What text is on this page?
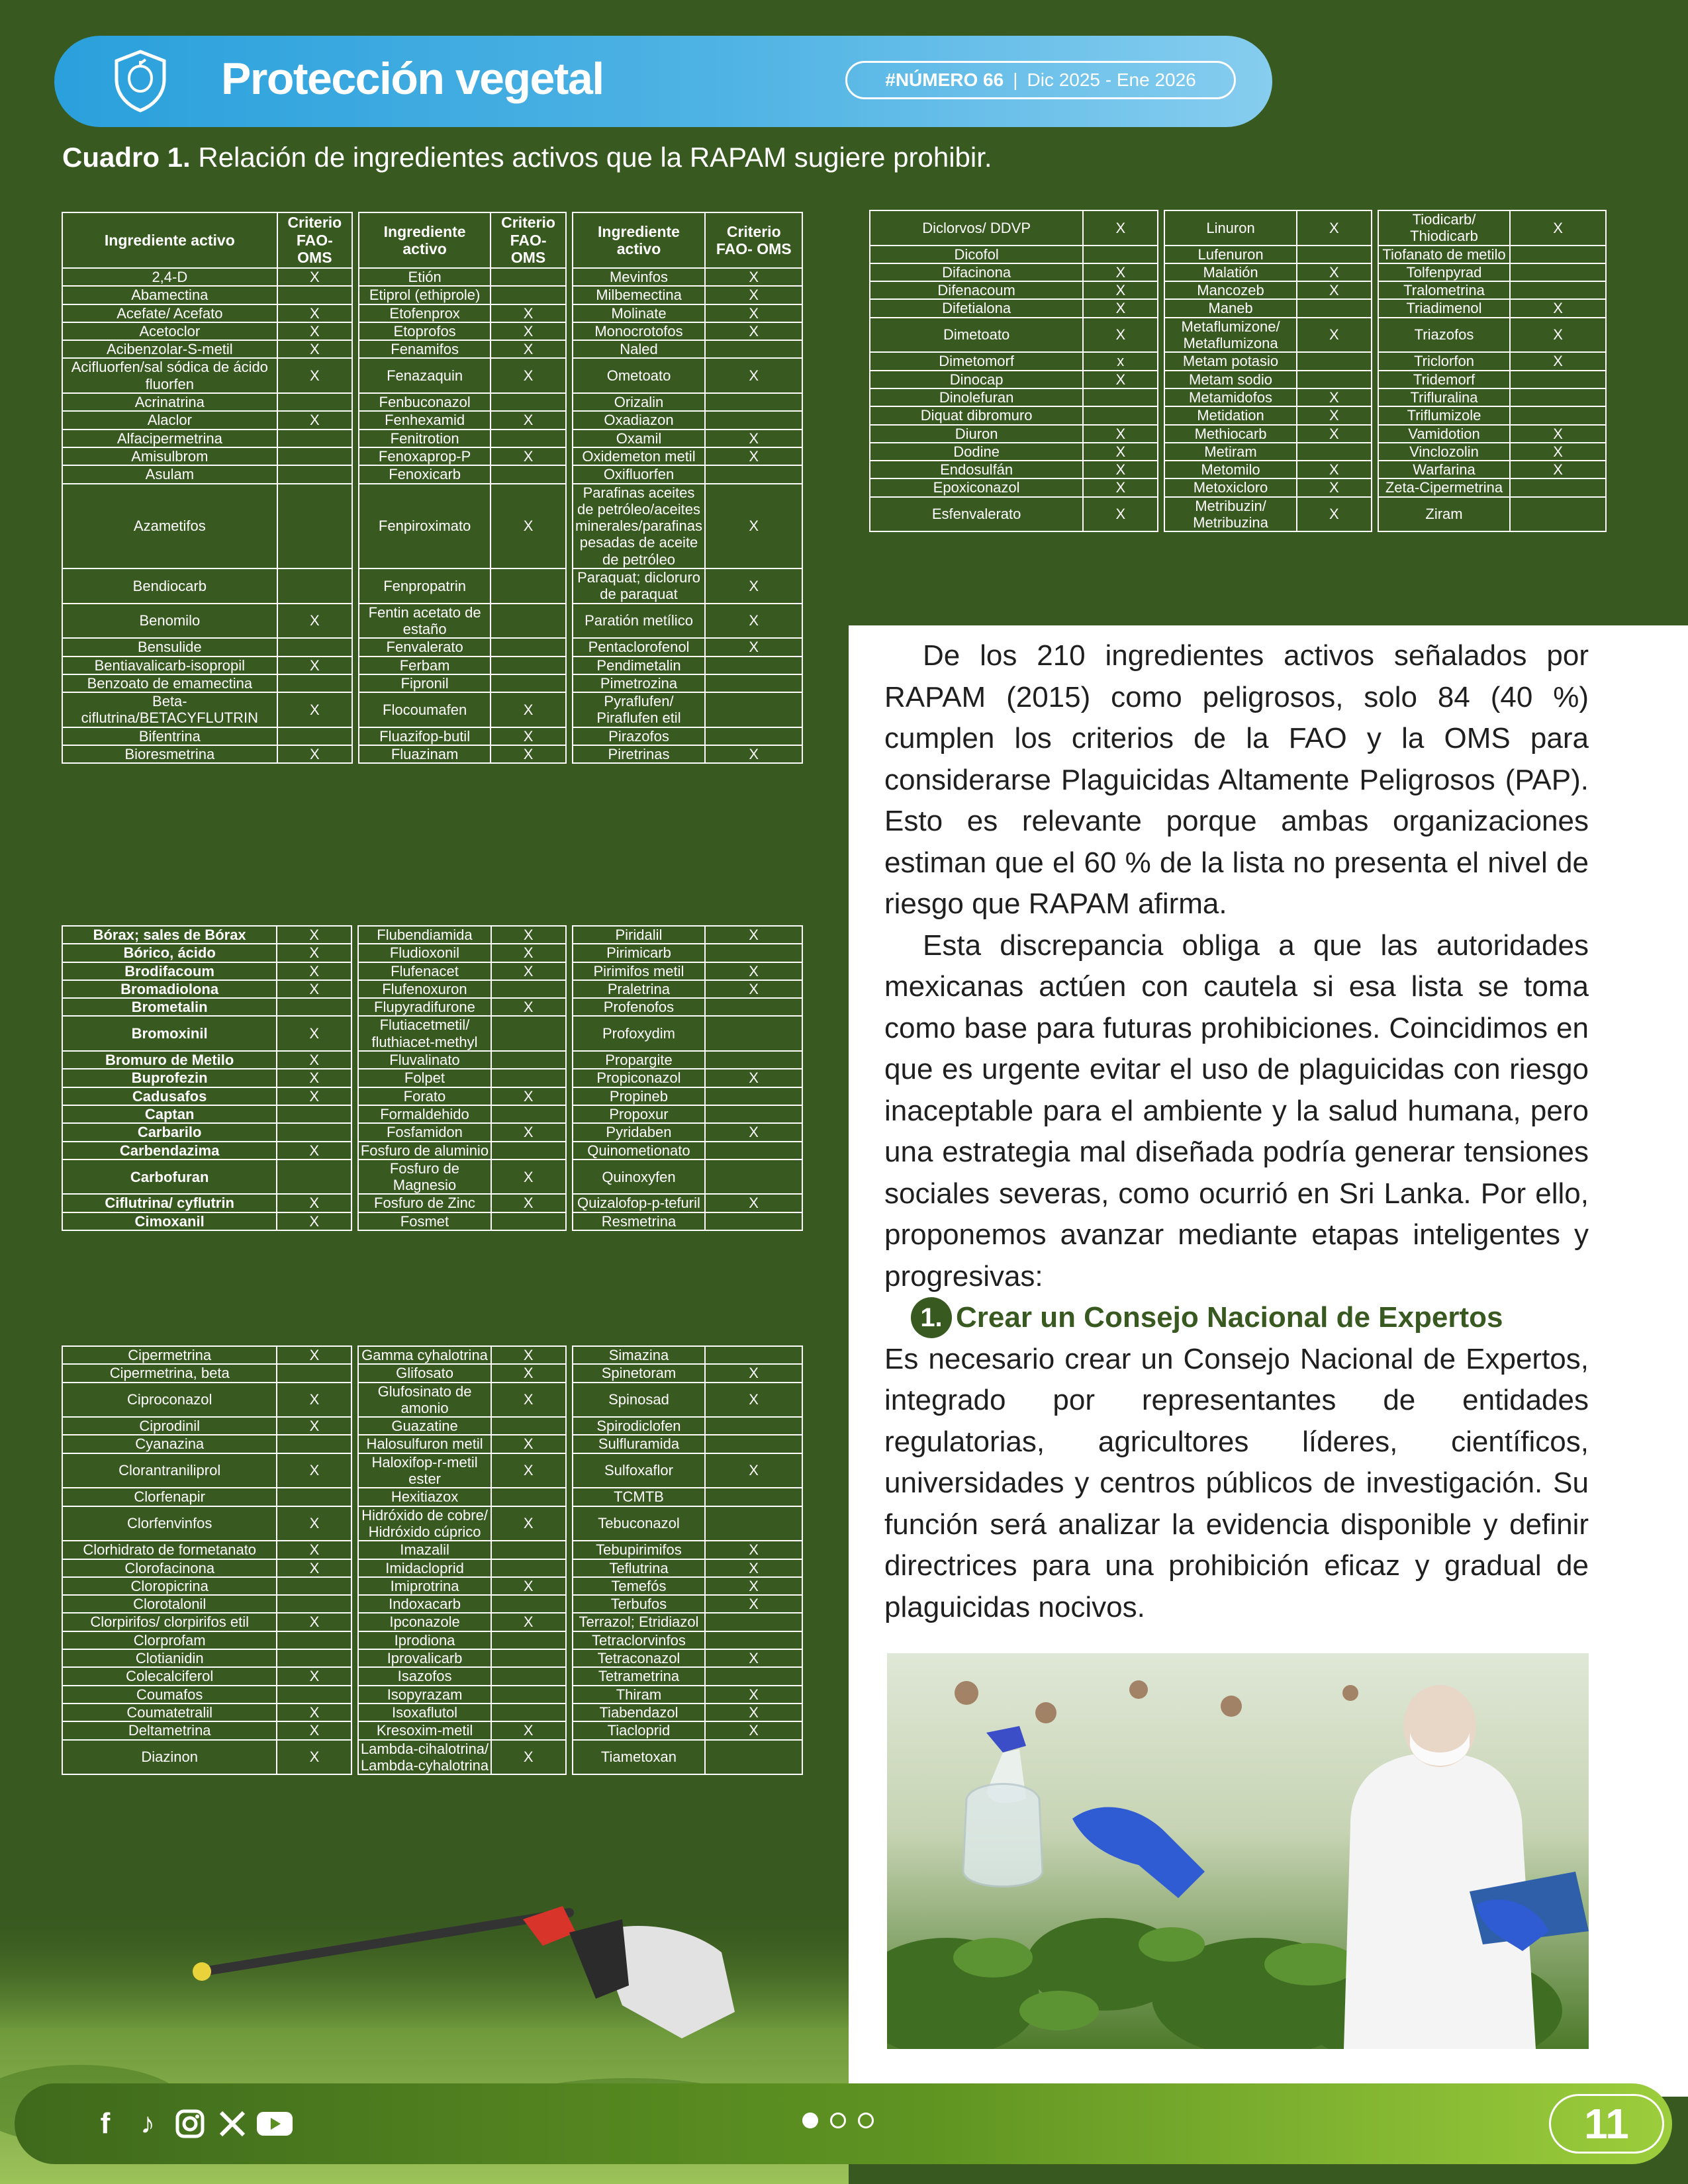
Protección vegetal	#NÚMERO 66 | Dic 2025 - Ene 2026
Cuadro 1. Relación de ingredientes activos que la RAPAM sugiere prohibir.
Ingrediente activo	Criterio FAO- OMS		Ingrediente activo	Criterio FAO- OMS		Ingrediente activo	Criterio FAO- OMS
2,4-D	X		Etión			Mevinfos	X
Abamectina			Etiprol (ethiprole)			Milbemectina	X
Acefate/ Acefato	X		Etofenprox	X		Molinate	X
Acetoclor	X		Etoprofos	X		Monocrotofos	X
Acibenzolar-S-metil	X		Fenamifos	X		Naled	
Acifluorfen/sal sódica de ácido fluorfen	X		Fenazaquin	X		Ometoato	X
Acrinatrina			Fenbuconazol			Orizalin	
Alaclor	X		Fenhexamid	X		Oxadiazon	
Alfacipermetrina			Fenitrotion			Oxamil	X
Amisulbrom			Fenoxaprop-P	X		Oxidemeton metil	X
Asulam			Fenoxicarb			Oxifluorfen	
Azametifos			Fenpiroximato	X		Parafinas aceites de petróleo/aceites minerales/parafinas pesadas de aceite de petróleo	X
Bendiocarb			Fenpropatrin			Paraquat; dicloruro de paraquat	X
Benomilo	X		Fentin acetato de estaño			Paratión metílico	X
Bensulide			Fenvalerato			Pentaclorofenol	X
Bentiavalicarb-isopropil	X		Ferbam			Pendimetalin	
Benzoato de emamectina			Fipronil			Pimetrozina	
Beta-ciflutrina/BETACYFLUTRIN	X		Flocoumafen	X		Pyraflufen/ Piraflufen etil	
Bifentrina			Fluazifop-butil	X		Pirazofos	
Bioresmetrina	X		Fluazinam	X		Piretrinas	X
Bórax; sales de Bórax	X		Flubendiamida	X		Piridalil	X
Bórico, ácido	X		Fludioxonil	X		Pirimicarb	
Brodifacoum	X		Flufenacet	X		Pirimifos metil	X
Bromadiolona	X		Flufenoxuron			Praletrina	X
Brometalin			Flupyradifurone	X		Profenofos	
Bromoxinil	X		Flutiacetmetil/ fluthiacet-methyl			Profoxydim	
Bromuro de Metilo	X		Fluvalinato			Propargite	
Buprofezin	X		Folpet			Propiconazol	X
Cadusafos	X		Forato	X		Propineb	
Captan			Formaldehido			Propoxur	
Carbarilo			Fosfamidon	X		Pyridaben	X
Carbendazima	X		Fosfuro de aluminio			Quinometionato	
Carbofuran			Fosfuro de Magnesio	X		Quinoxyfen	
Ciflutrina/ cyflutrin	X		Fosfuro de Zinc	X		Quizalofop-p-tefuril	X
Cimoxanil	X		Fosmet			Resmetrina	
Cipermetrina	X		Gamma cyhalotrina	X		Simazina	
Cipermetrina, beta			Glifosato	X		Spinetoram	X
Ciproconazol	X		Glufosinato de amonio	X		Spinosad	X
Ciprodinil	X		Guazatine			Spirodiclofen	
Cyanazina			Halosulfuron metil	X		Sulfluramida	
Clorantraniliprol	X		Haloxifop-r-metil ester	X		Sulfoxaflor	X
Clorfenapir			Hexitiazox			TCMTB	
Clorfenvinfos	X		Hidróxido de cobre/ Hidróxido cúprico	X		Tebuconazol	
Clorhidrato de formetanato	X		Imazalil			Tebupirimifos	X
Clorofacinona	X		Imidacloprid			Teflutrina	X
Cloropicrina			Imiprotrina	X		Temefós	X
Clorotalonil			Indoxacarb			Terbufos	X
Clorpirifos/ clorpirifos etil	X		Ipconazole	X		Terrazol; Etridiazol	
Clorprofam			Iprodiona			Tetraclorvinfos	
Clotianidin			Iprovalicarb			Tetraconazol	X
Colecalciferol	X		Isazofos			Tetrametrina	
Coumafos			Isopyrazam			Thiram	X
Coumatetralil	X		Isoxaflutol			Tiabendazol	X
Deltametrina	X		Kresoxim-metil	X		Tiacloprid	X
Diazinon	X		Lambda-cihalotrina/ Lambda-cyhalotrina	X		Tiametoxan	
Diclorvos/ DDVP	X		Linuron	X		Tiodicarb/ Thiodicarb	X
Dicofol			Lufenuron			Tiofanato de metilo	
Difacinona	X		Malatión	X		Tolfenpyrad	
Difenacoum	X		Mancozeb	X		Tralometrina	
Difetialona	X		Maneb			Triadimenol	X
Dimetoato	X		Metaflumizone/ Metaflumizona	X		Triazofos	X
Dimetomorf	x		Metam potasio			Triclorfon	X
Dinocap	X		Metam sodio			Tridemorf	
Dinolefuran			Metamidofos	X		Trifluralina	
Diquat dibromuro			Metidation	X		Triflumizole	
Diuron	X		Methiocarb	X		Vamidotion	X
Dodine	X		Metiram			Vinclozolin	X
Endosulfán	X		Metomilo	X		Warfarina	X
Epoxiconazol	X		Metoxicloro	X		Zeta-Cipermetrina	
Esfenvalerato	X		Metribuzin/ Metribuzina	X		Ziram	

De los 210 ingredientes activos señalados por RAPAM (2015) como peligrosos, solo 84 (40 %) cumplen los criterios de la FAO y la OMS para considerarse Plaguicidas Altamente Peligrosos (PAP). Esto es relevante porque ambas organizaciones estiman que el 60 % de la lista no presenta el nivel de riesgo que RAPAM afirma.

Esta discrepancia obliga a que las autoridades mexicanas actúen con cautela si esa lista se toma como base para futuras prohibiciones. Coincidimos en que es urgente evitar el uso de plaguicidas con riesgo inaceptable para el ambiente y la salud humana, pero una estrategia mal diseñada podría generar tensiones sociales severas, como ocurrió en Sri Lanka. Por ello, proponemos avanzar mediante etapas inteligentes y progresivas:

1. Crear un Consejo Nacional de Expertos

Es necesario crear un Consejo Nacional de Expertos, integrado por representantes de entidades regulatorias, agricultores líderes, científicos, universidades y centros públicos de investigación. Su función será analizar la evidencia disponible y definir directrices para una prohibición eficaz y gradual de plaguicidas nocivos.

f	♪	11
